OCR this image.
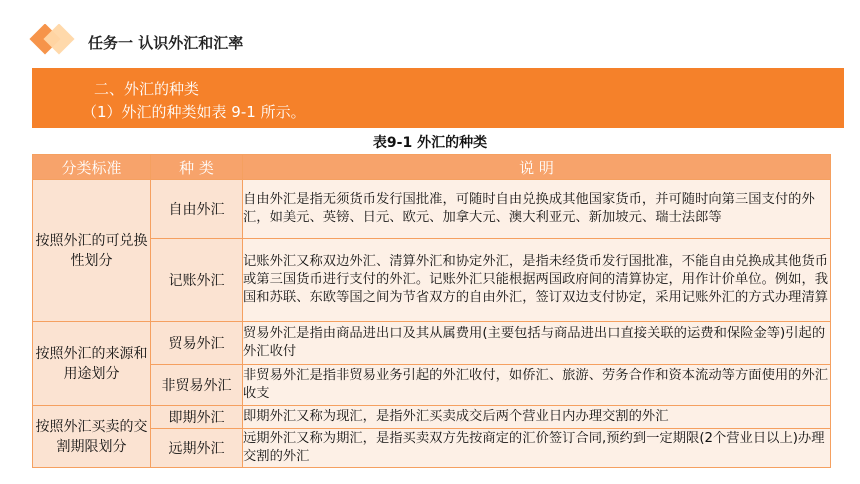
任务一 认识外汇和汇率
二、外汇的种类
（1）外汇的种类如表 9-1 所示。
表9-1 外汇的种类
分类标准	种 类	说 明
按照外汇的可兑换性划分	自由外汇	自由外汇是指无须货币发行国批准，可随时自由兑换成其他国家货币，并可随时向第三国支付的外汇，如美元、英镑、日元、欧元、加拿大元、澳大利亚元、新加坡元、瑞士法郎等
	记账外汇	记账外汇又称双边外汇、清算外汇和协定外汇，是指未经货币发行国批准，不能自由兑换成其他货币或第三国货币进行支付的外汇。记账外汇只能根据两国政府间的清算协定，用作计价单位。例如，我国和苏联、东欧等国之间为节省双方的自由外汇，签订双边支付协定，采用记账外汇的方式办理清算
按照外汇的来源和用途划分	贸易外汇	贸易外汇是指由商品进出口及其从属费用(主要包括与商品进出口直接关联的运费和保险金等)引起的外汇收付
	非贸易外汇	非贸易外汇是指非贸易业务引起的外汇收付，如侨汇、旅游、劳务合作和资本流动等方面使用的外汇收支
按照外汇买卖的交割期限划分	即期外汇	即期外汇又称为现汇，是指外汇买卖成交后两个营业日内办理交割的外汇
	远期外汇	远期外汇又称为期汇，是指买卖双方先按商定的汇价签订合同,预约到一定期限(2个营业日以上)办理交割的外汇
